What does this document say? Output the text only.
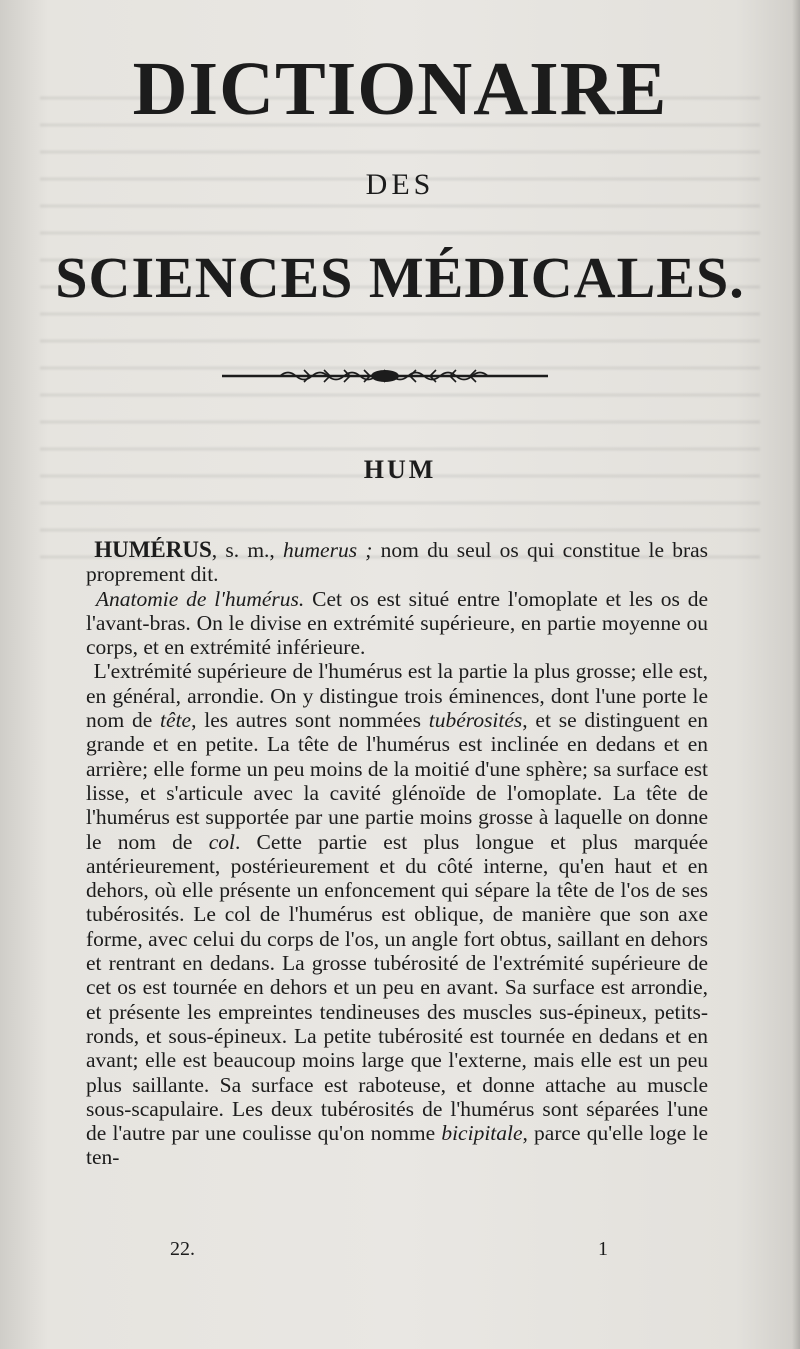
DICTIONAIRE
DES
SCIENCES MÉDICALES.
HUM

HUMÉRUS, s. m., humerus ; nom du seul os qui constitue le bras proprement dit.

Anatomie de l'humérus. Cet os est situé entre l'omoplate et les os de l'avant-bras. On le divise en extrémité supérieure, en partie moyenne ou corps, et en extrémité inférieure.

L'extrémité supérieure de l'humérus est la partie la plus grosse; elle est, en général, arrondie. On y distingue trois éminences, dont l'une porte le nom de tête, les autres sont nommées tubérosités, et se distinguent en grande et en petite. La tête de l'humérus est inclinée en dedans et en arrière; elle forme un peu moins de la moitié d'une sphère; sa surface est lisse, et s'articule avec la cavité glénoïde de l'omoplate. La tête de l'humérus est supportée par une partie moins grosse à laquelle on donne le nom de col. Cette partie est plus longue et plus marquée antérieurement, postérieurement et du côté interne, qu'en haut et en dehors, où elle présente un enfoncement qui sépare la tête de l'os de ses tubérosités. Le col de l'humérus est oblique, de manière que son axe forme, avec celui du corps de l'os, un angle fort obtus, saillant en dehors et rentrant en dedans. La grosse tubérosité de l'extrémité supérieure de cet os est tournée en dehors et un peu en avant. Sa surface est arrondie, et présente les empreintes tendineuses des muscles sus-épineux, petits-ronds, et sous-épineux. La petite tubérosité est tournée en dedans et en avant; elle est beaucoup moins large que l'externe, mais elle est un peu plus saillante. Sa surface est raboteuse, et donne attache au muscle sous-scapulaire. Les deux tubérosités de l'humérus sont séparées l'une de l'autre par une coulisse qu'on nomme bicipitale, parce qu'elle loge le ten-

22.	1
